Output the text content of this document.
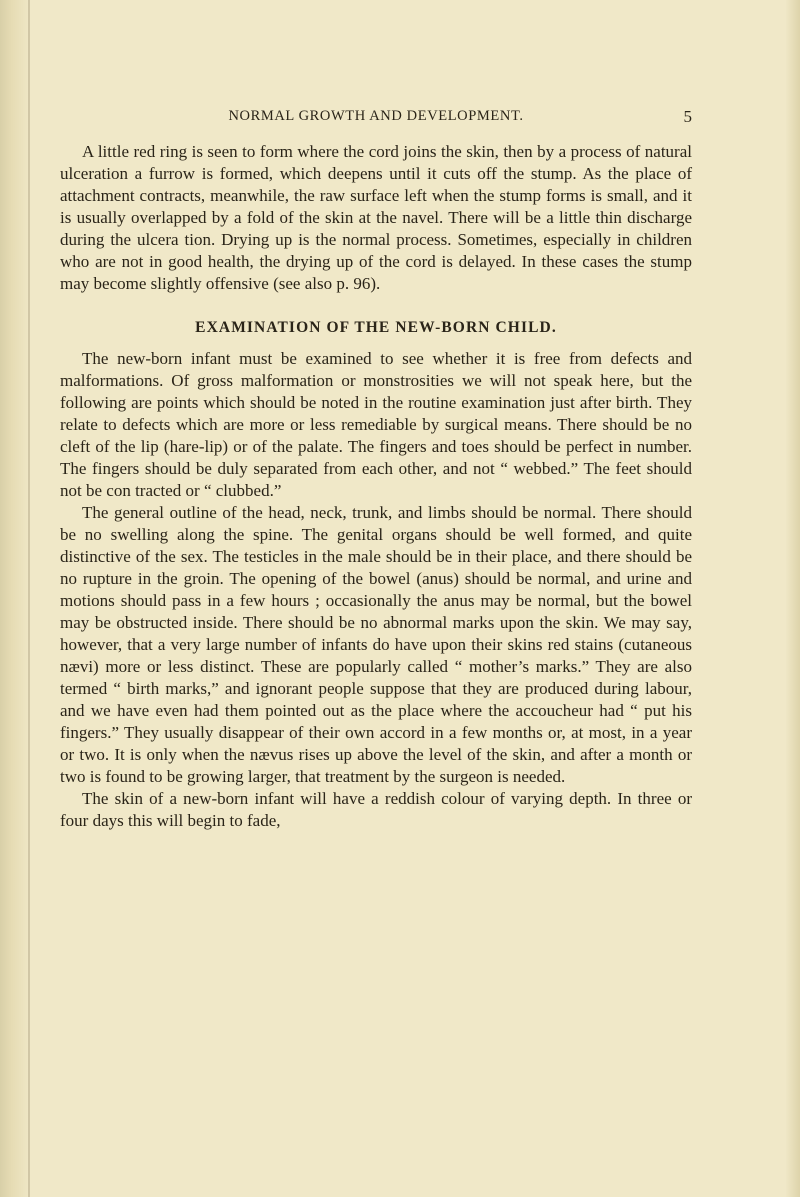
NORMAL GROWTH AND DEVELOPMENT.	5

A little red ring is seen to form where the cord joins the skin, then by a process of natural ulceration a furrow is formed, which deepens until it cuts off the stump. As the place of attachment contracts, meanwhile, the raw surface left when the stump forms is small, and it is usually overlapped by a fold of the skin at the navel. There will be a little thin discharge during the ulcera tion. Drying up is the normal process. Sometimes, especially in children who are not in good health, the drying up of the cord is delayed. In these cases the stump may become slightly offensive (see also p. 96).

EXAMINATION OF THE NEW-BORN CHILD.

The new-born infant must be examined to see whether it is free from defects and malformations. Of gross malformation or monstrosities we will not speak here, but the following are points which should be noted in the routine examination just after birth. They relate to defects which are more or less remediable by surgical means. There should be no cleft of the lip (hare-lip) or of the palate. The fingers and toes should be perfect in number. The fingers should be duly separated from each other, and not “ webbed.” The feet should not be con tracted or “ clubbed.”

The general outline of the head, neck, trunk, and limbs should be normal. There should be no swelling along the spine. The genital organs should be well formed, and quite distinctive of the sex. The testicles in the male should be in their place, and there should be no rupture in the groin. The opening of the bowel (anus) should be normal, and urine and motions should pass in a few hours ; occasionally the anus may be normal, but the bowel may be obstructed inside. There should be no abnormal marks upon the skin. We may say, however, that a very large number of infants do have upon their skins red stains (cutaneous nævi) more or less distinct. These are popularly called “ mother’s marks.” They are also termed “ birth marks,” and ignorant people suppose that they are produced during labour, and we have even had them pointed out as the place where the accoucheur had “ put his fingers.” They usually disappear of their own accord in a few months or, at most, in a year or two. It is only when the nævus rises up above the level of the skin, and after a month or two is found to be growing larger, that treatment by the surgeon is needed.

The skin of a new-born infant will have a reddish colour of varying depth. In three or four days this will begin to fade,
